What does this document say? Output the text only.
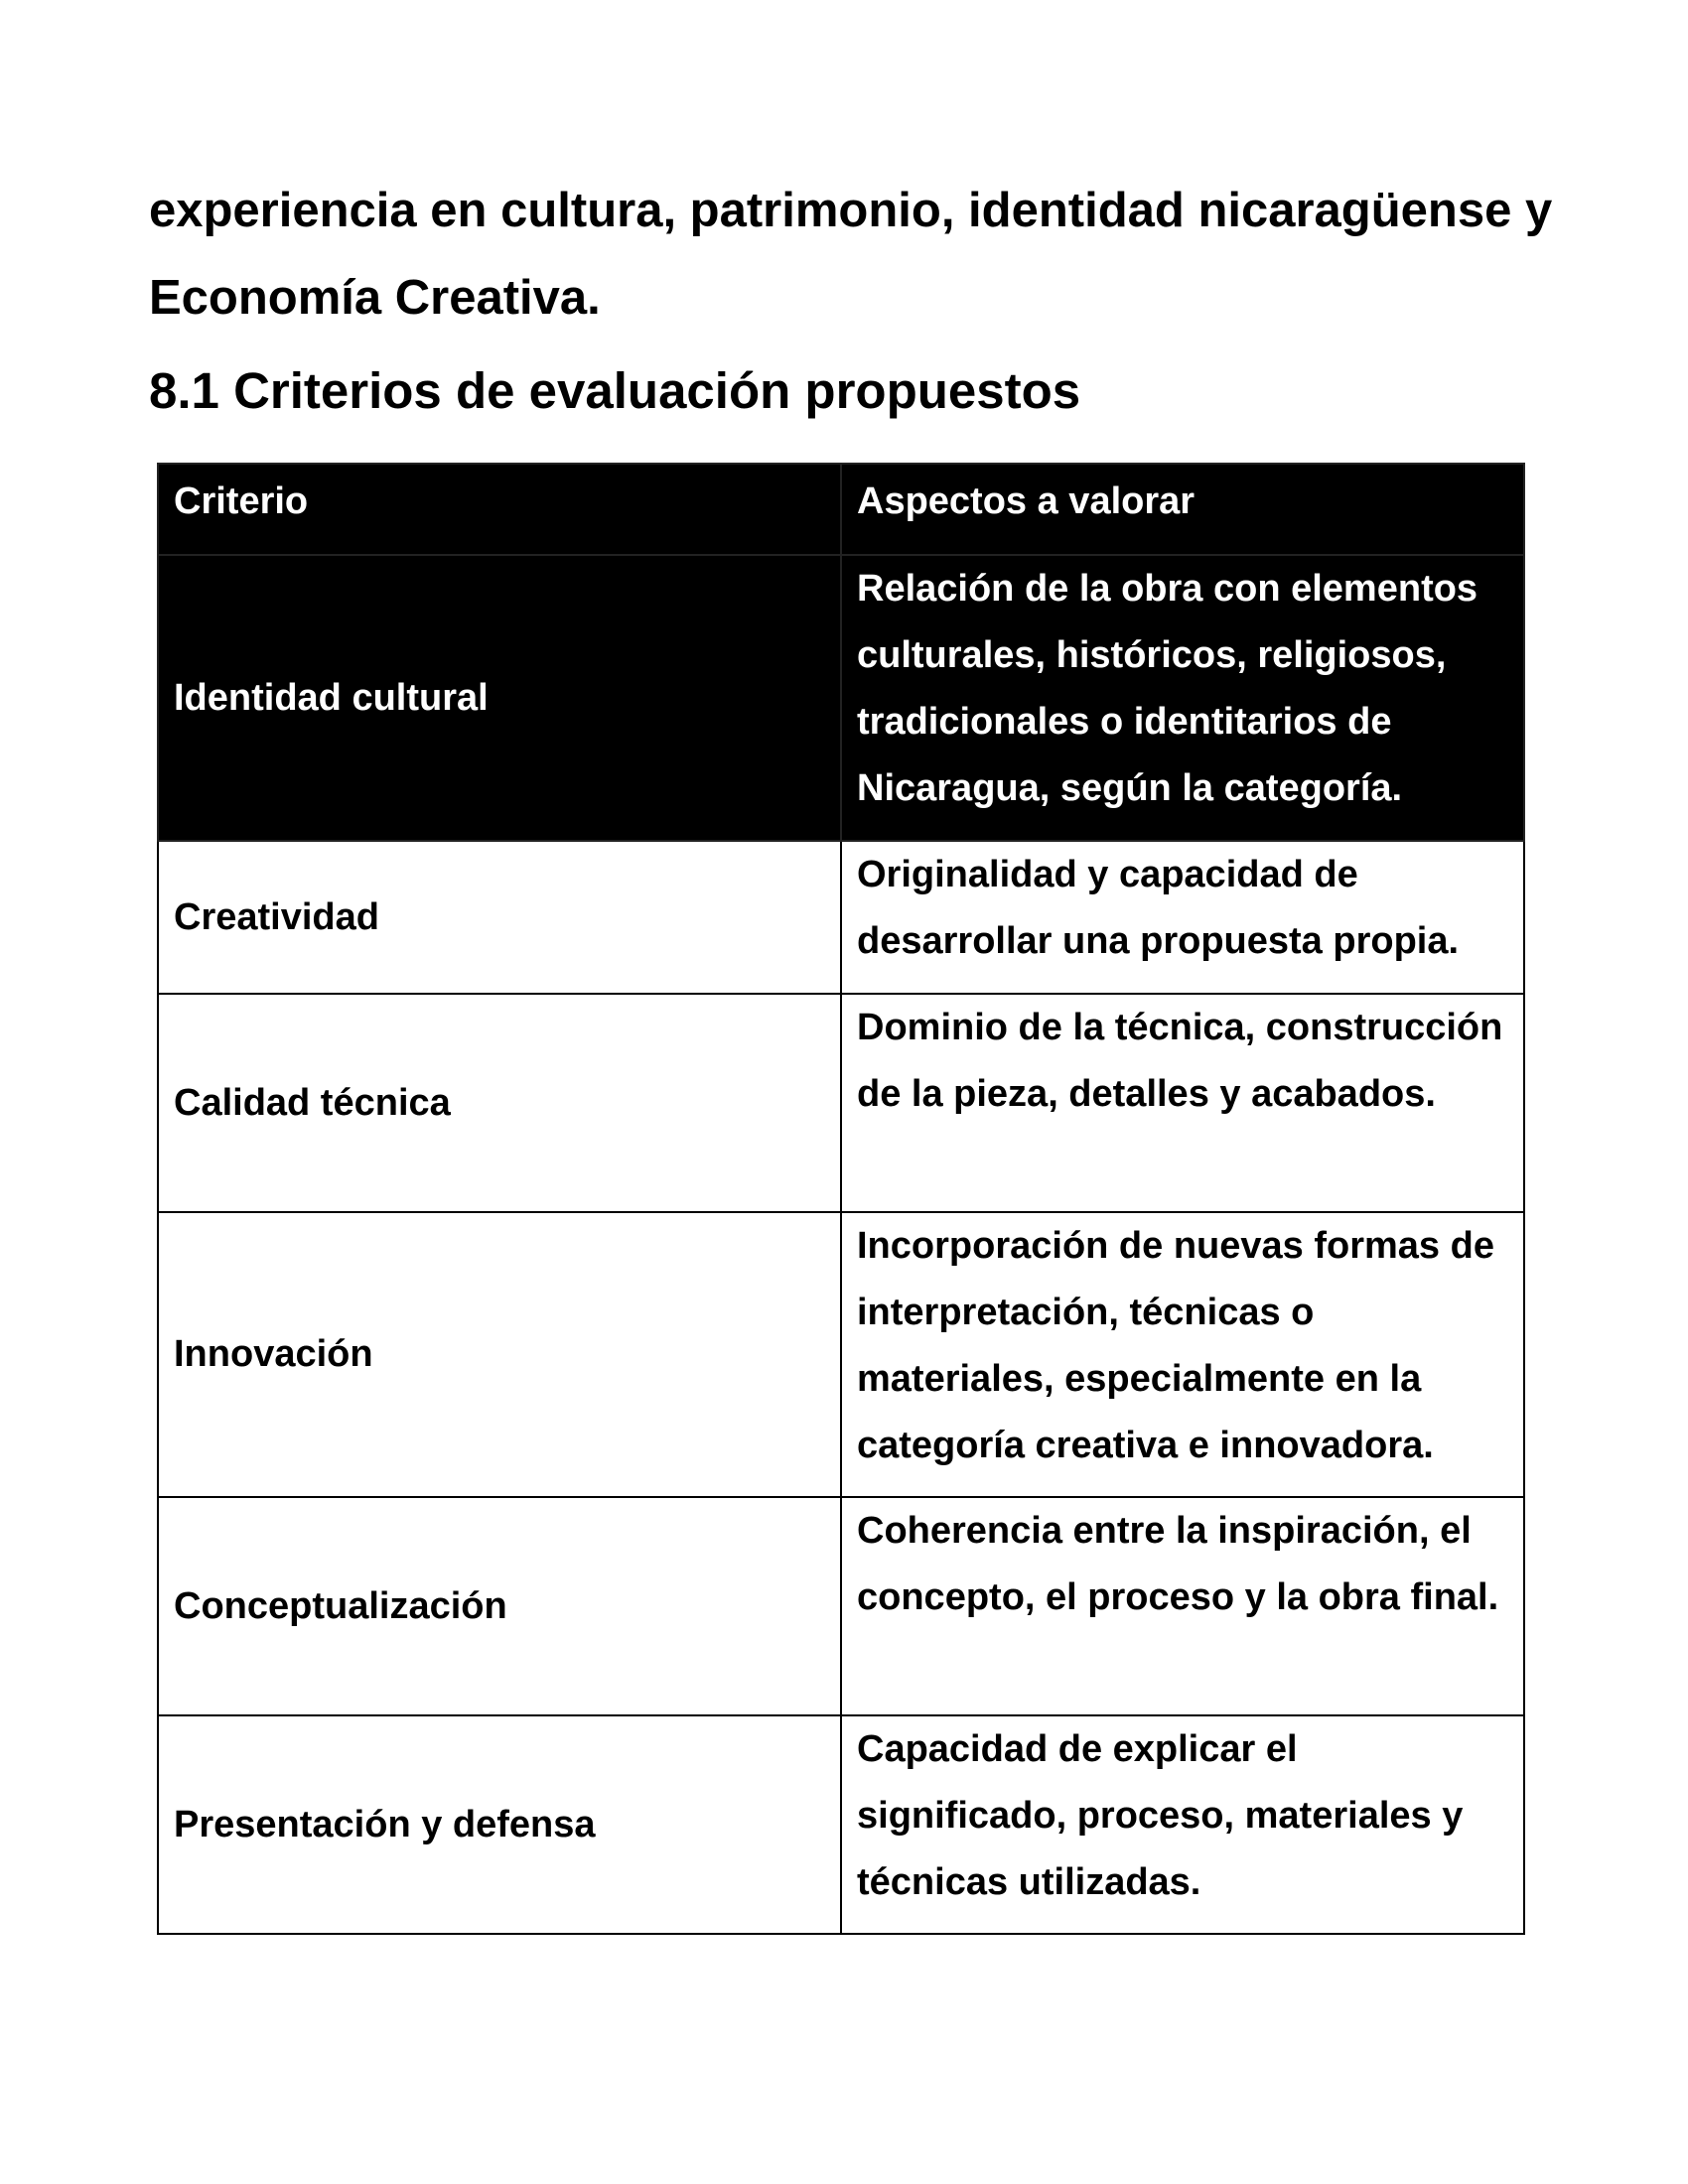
experiencia en cultura, patrimonio, identidad nicaragüense y Economía Creativa.

8.1 Criterios de evaluación propuestos
Criterio	Aspectos a valorar
Identidad cultural	Relación de la obra con elementos culturales, históricos, religiosos, tradicionales o identitarios de Nicaragua, según la categoría.
Creatividad	Originalidad y capacidad de desarrollar una propuesta propia.
Calidad técnica	Dominio de la técnica, construcción de la pieza, detalles y acabados.
Innovación	Incorporación de nuevas formas de interpretación, técnicas o materiales, especialmente en la categoría creativa e innovadora.
Conceptualización	Coherencia entre la inspiración, el concepto, el proceso y la obra final.
Presentación y defensa	Capacidad de explicar el significado, proceso, materiales y técnicas utilizadas.
